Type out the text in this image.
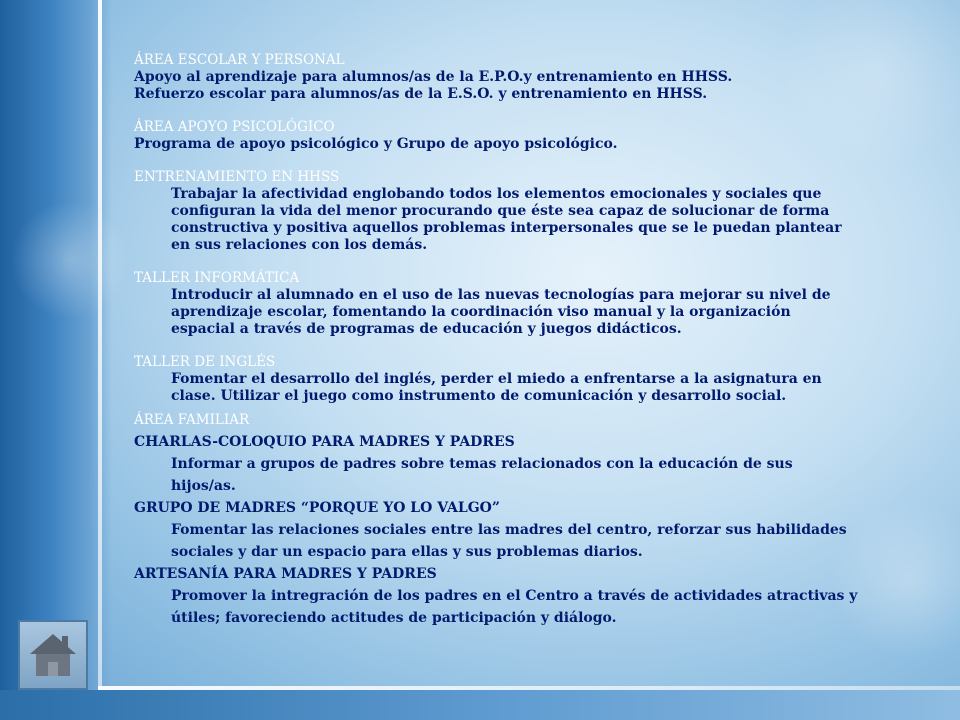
ÁREA ESCOLAR Y PERSONAL
Apoyo al aprendizaje para alumnos/as de la E.P.O.y entrenamiento en HHSS.
Refuerzo escolar para alumnos/as de la E.S.O. y entrenamiento en HHSS.
ÁREA APOYO PSICOLÓGICO
Programa de apoyo psicológico y Grupo de apoyo psicológico.
ENTRENAMIENTO EN HHSS
Trabajar la afectividad englobando todos los elementos emocionales y sociales que
configuran la vida del menor procurando que éste sea capaz de solucionar de forma
constructiva y positiva aquellos problemas interpersonales que se le puedan plantear
en sus relaciones con los demás.
TALLER INFORMÁTICA
Introducir al alumnado en el uso de las nuevas tecnologías para mejorar su nivel de
aprendizaje escolar, fomentando la coordinación viso manual y la organización
espacial a través de programas de educación y juegos didácticos.
TALLER DE INGLÉS
Fomentar el desarrollo del inglés, perder el miedo a enfrentarse a la asignatura en
clase. Utilizar el juego como instrumento de comunicación y desarrollo social.
ÁREA FAMILIAR
CHARLAS-COLOQUIO PARA MADRES Y PADRES
Informar a grupos de padres sobre temas relacionados con la educación de sus
hijos/as.
GRUPO DE MADRES “PORQUE YO LO VALGO”
Fomentar las relaciones sociales entre las madres del centro, reforzar sus habilidades
sociales y dar un espacio para ellas y sus problemas diarios.
ARTESANÍA PARA MADRES Y PADRES
Promover la intregración de los padres en el Centro a través de actividades atractivas y
útiles; favoreciendo actitudes de participación y diálogo.
